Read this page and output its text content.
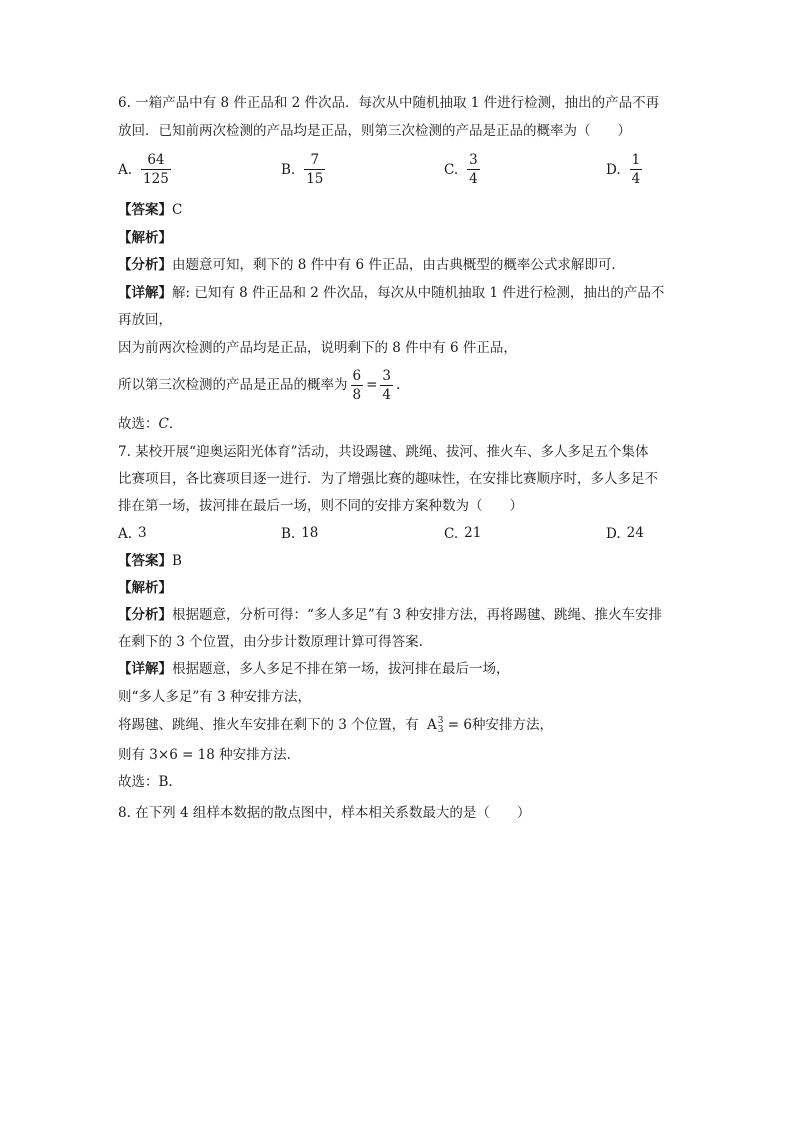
6. 一箱产品中有 8 件正品和 2 件次品．每次从中随机抽取 1 件进行检测，抽出的产品不再
放回．已知前两次检测的产品均是正品，则第三次检测的产品是正品的概率为（　　）
A. $\frac{64}{125}$	B. $\frac{7}{15}$	C. $\frac{3}{4}$	D. $\frac{1}{4}$
【答案】C
【解析】
【分析】由题意可知，剩下的 8 件中有 6 件正品，由古典概型的概率公式求解即可．
【详解】解: 已知有 8 件正品和 2 件次品，每次从中随机抽取 1 件进行检测，抽出的产品不
再放回，
因为前两次检测的产品均是正品，说明剩下的 8 件中有 6 件正品，
所以第三次检测的产品是正品的概率为 $\frac{6}{8} = \frac{3}{4}$ .
故选：C．
7. 某校开展“迎奥运阳光体育”活动，共设踢毽、跳绳、拔河、推火车、多人多足五个集体
比赛项目，各比赛项目逐一进行．为了增强比赛的趣味性，在安排比赛顺序时，多人多足不
排在第一场，拔河排在最后一场，则不同的安排方案种数为（　　）
A. 3	B. 18	C. 21	D. 24
【答案】B
【解析】
【分析】根据题意，分析可得：“多人多足”有 3 种安排方法，再将踢毽、跳绳、推火车安排
在剩下的 3 个位置，由分步计数原理计算可得答案.
【详解】根据题意，多人多足不排在第一场，拔河排在最后一场，
则“多人多足”有 3 种安排方法，
将踢毽、跳绳、推火车安排在剩下的 3 个位置，有 A 3
3 = 6种安排方法，
则有 3×6 = 18 种安排方法.
故选：B.
8. 在下列 4 组样本数据的散点图中，样本相关系数最大的是（　　）
